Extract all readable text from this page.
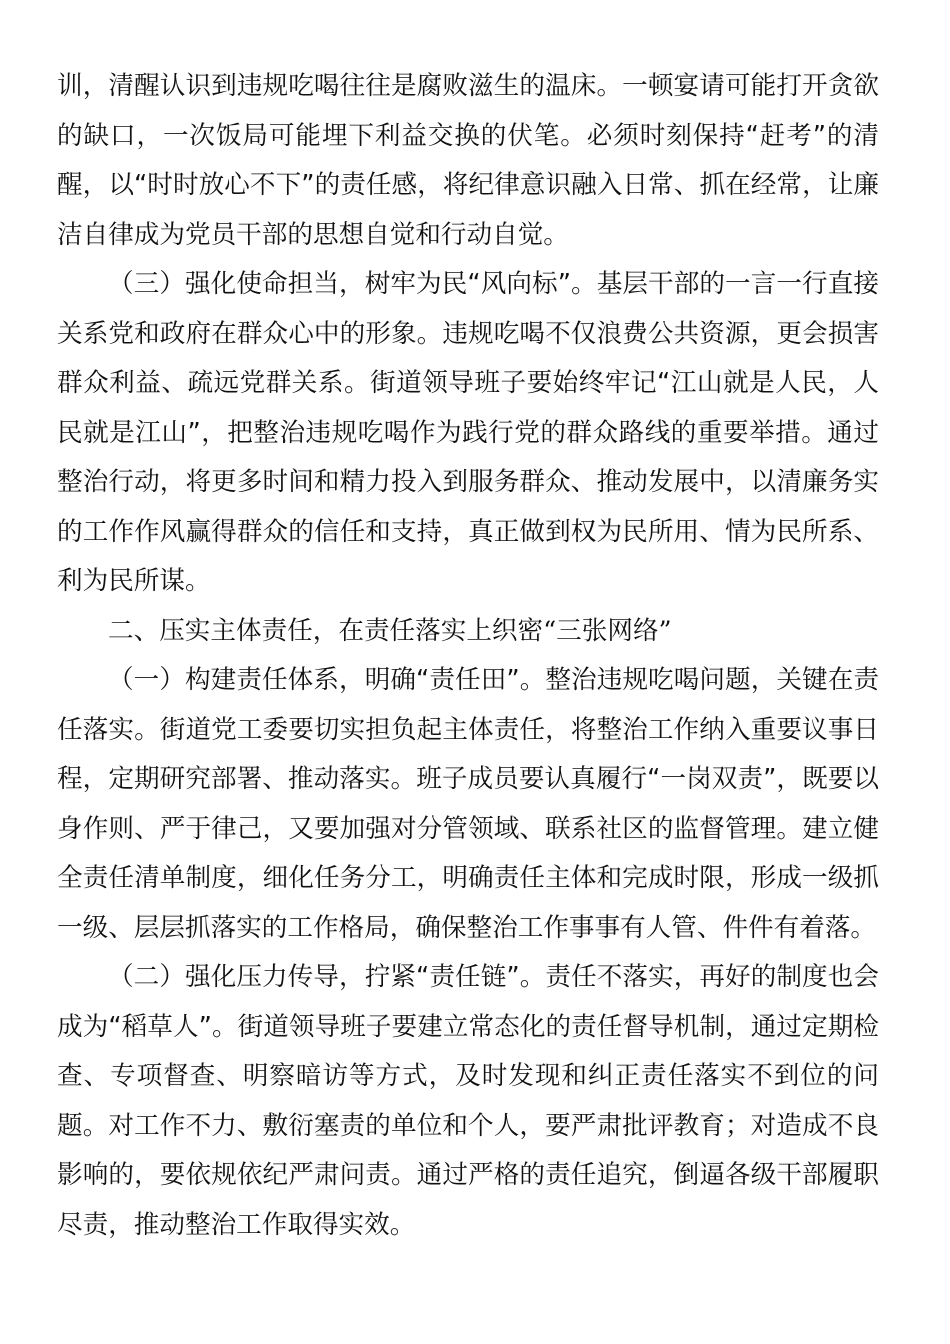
训，清醒认识到违规吃喝往往是腐败滋生的温床。一顿宴请可能打开贪欲的缺口，一次饭局可能埋下利益交换的伏笔。必须时刻保持“赶考”的清醒，以“时时放心不下”的责任感，将纪律意识融入日常、抓在经常，让廉洁自律成为党员干部的思想自觉和行动自觉。

（三）强化使命担当，树牢为民“风向标”。基层干部的一言一行直接关系党和政府在群众心中的形象。违规吃喝不仅浪费公共资源，更会损害群众利益、疏远党群关系。街道领导班子要始终牢记“江山就是人民，人民就是江山”，把整治违规吃喝作为践行党的群众路线的重要举措。通过整治行动，将更多时间和精力投入到服务群众、推动发展中，以清廉务实的工作作风赢得群众的信任和支持，真正做到权为民所用、情为民所系、利为民所谋。

二、压实主体责任，在责任落实上织密“三张网络”

（一）构建责任体系，明确“责任田”。整治违规吃喝问题，关键在责任落实。街道党工委要切实担负起主体责任，将整治工作纳入重要议事日程，定期研究部署、推动落实。班子成员要认真履行“一岗双责”，既要以身作则、严于律己，又要加强对分管领域、联系社区的监督管理。建立健全责任清单制度，细化任务分工，明确责任主体和完成时限，形成一级抓一级、层层抓落实的工作格局，确保整治工作事事有人管、件件有着落。

（二）强化压力传导，拧紧“责任链”。责任不落实，再好的制度也会成为“稻草人”。街道领导班子要建立常态化的责任督导机制，通过定期检查、专项督查、明察暗访等方式，及时发现和纠正责任落实不到位的问题。对工作不力、敷衍塞责的单位和个人，要严肃批评教育；对造成不良影响的，要依规依纪严肃问责。通过严格的责任追究，倒逼各级干部履职尽责，推动整治工作取得实效。
